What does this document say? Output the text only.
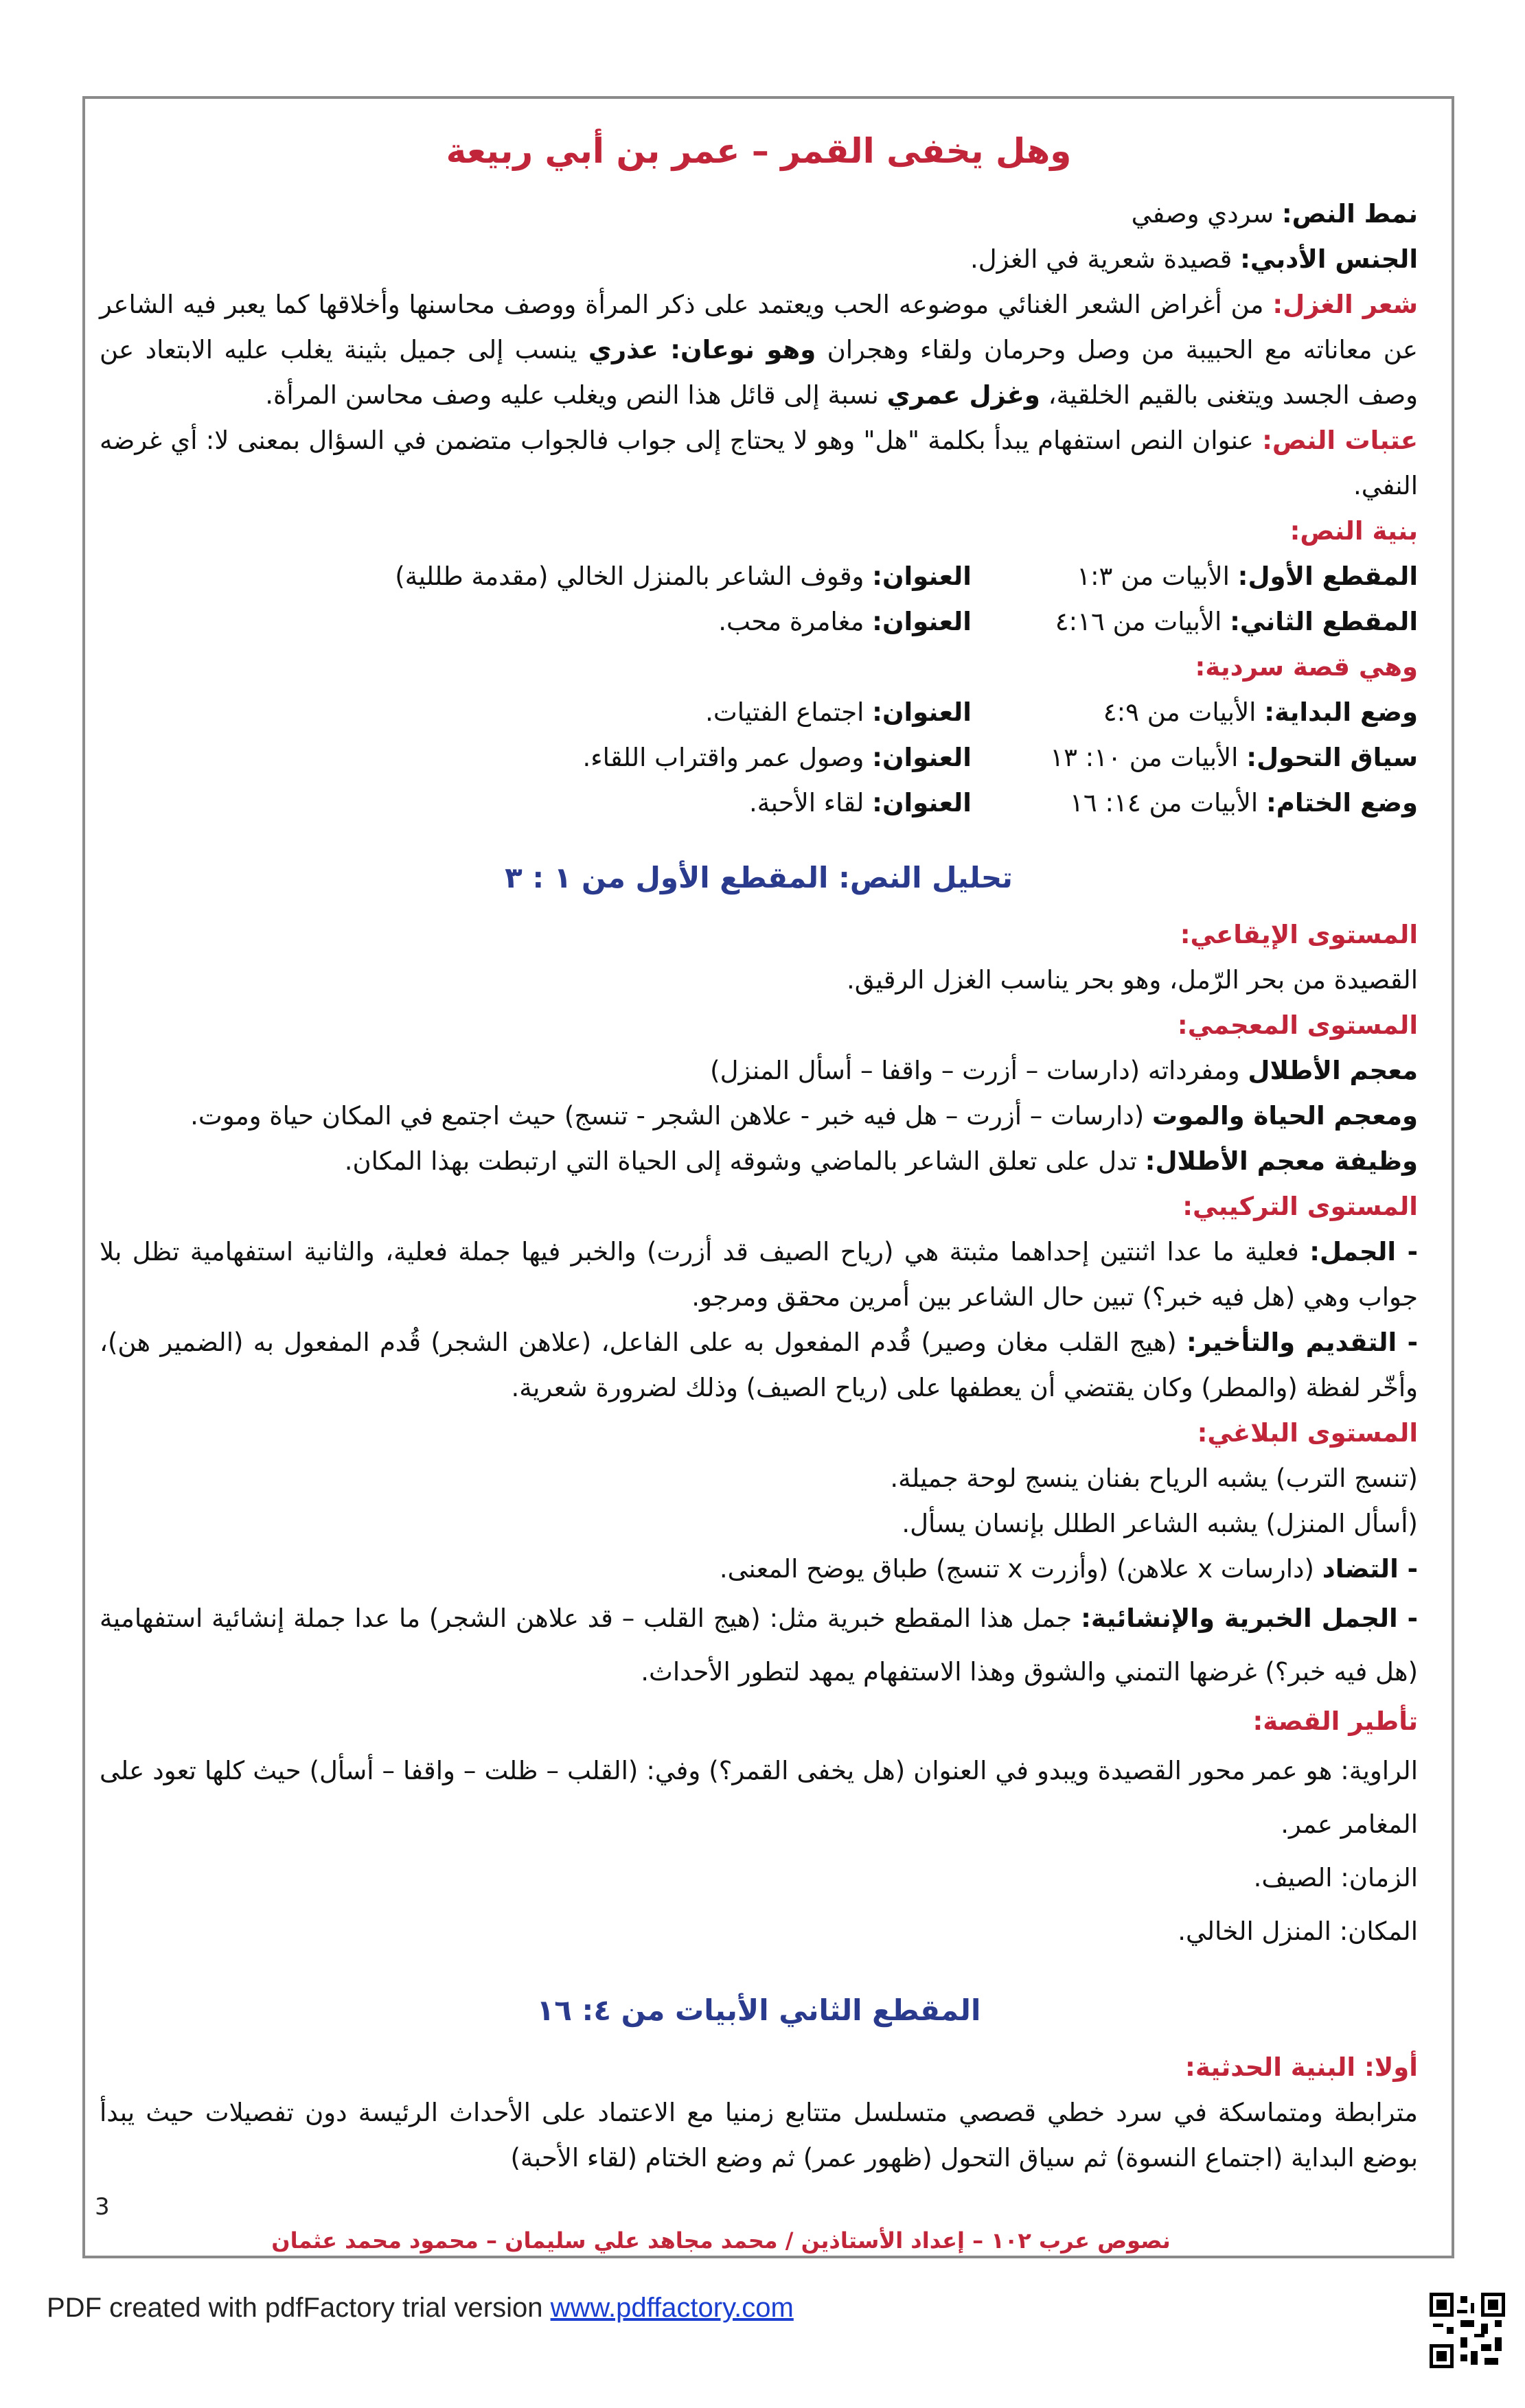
وهل يخفى القمر – عمر بن أبي ربيعة

نمط النص: سردي وصفي

الجنس الأدبي: قصيدة شعرية في الغزل.

شعر الغزل: من أغراض الشعر الغنائي موضوعه الحب ويعتمد على ذكر المرأة ووصف محاسنها وأخلاقها كما يعبر فيه الشاعر عن معاناته مع الحبيبة من وصل وحرمان ولقاء وهجران وهو نوعان: عذري ينسب إلى جميل بثينة يغلب عليه الابتعاد عن وصف الجسد ويتغنى بالقيم الخلقية، وغزل عمري نسبة إلى قائل هذا النص ويغلب عليه وصف محاسن المرأة.

عتبات النص: عنوان النص استفهام يبدأ بكلمة "هل" وهو لا يحتاج إلى جواب فالجواب متضمن في السؤال بمعنى لا: أي غرضه النفي.

بنية النص:

المقطع الأول: الأبيات من ١:٣
العنوان: وقوف الشاعر بالمنزل الخالي (مقدمة طللية)
المقطع الثاني: الأبيات من ٤:١٦
العنوان: مغامرة محب.

وهي قصة سردية:

وضع البداية: الأبيات من ٤:٩
العنوان: اجتماع الفتيات.
سياق التحول: الأبيات من ١٠: ١٣
العنوان: وصول عمر واقتراب اللقاء.
وضع الختام: الأبيات من ١٤: ١٦
العنوان: لقاء الأحبة.
تحليل النص: المقطع الأول من ١ : ٣

المستوى الإيقاعي:

القصيدة من بحر الرّمل، وهو بحر يناسب الغزل الرقيق.

المستوى المعجمي:

معجم الأطلال ومفرداته (دارسات – أزرت – واقفا – أسأل المنزل)

ومعجم الحياة والموت (دارسات – أزرت – هل فيه خبر - علاهن الشجر - تنسج) حيث اجتمع في المكان حياة وموت.

وظيفة معجم الأطلال: تدل على تعلق الشاعر بالماضي وشوقه إلى الحياة التي ارتبطت بهذا المكان.

المستوى التركيبي:

- الجمل: فعلية ما عدا اثنتين إحداهما مثبتة هي (رياح الصيف قد أزرت) والخبر فيها جملة فعلية، والثانية استفهامية تظل بلا جواب وهي (هل فيه خبر؟) تبين حال الشاعر بين أمرين محقق ومرجو.

- التقديم والتأخير: (هيج القلب مغان وصير) قُدم المفعول به على الفاعل، (علاهن الشجر) قُدم المفعول به (الضمير هن)، وأخّر لفظة (والمطر) وكان يقتضي أن يعطفها على (رياح الصيف) وذلك لضرورة شعرية.

المستوى البلاغي:

(تنسج الترب) يشبه الرياح بفنان ينسج لوحة جميلة.

(أسأل المنزل) يشبه الشاعر الطلل بإنسان يسأل.

- التضاد (دارسات x علاهن) (وأزرت x تنسج) طباق يوضح المعنى.

- الجمل الخبرية والإنشائية: جمل هذا المقطع خبرية مثل: (هيج القلب – قد علاهن الشجر) ما عدا جملة إنشائية استفهامية (هل فيه خبر؟) غرضها التمني والشوق وهذا الاستفهام يمهد لتطور الأحداث.

تأطير القصة:

الراوية: هو عمر محور القصيدة ويبدو في العنوان (هل يخفى القمر؟) وفي: (القلب – ظلت – واقفا – أسأل) حيث كلها تعود على المغامر عمر.

الزمان: الصيف.

المكان: المنزل الخالي.

المقطع الثاني الأبيات من ٤: ١٦

أولا: البنية الحدثية:

مترابطة ومتماسكة في سرد خطي قصصي متسلسل متتابع زمنيا مع الاعتماد على الأحداث الرئيسة دون تفصيلات حيث يبدأ بوضع البداية (اجتماع النسوة) ثم سياق التحول (ظهور عمر) ثم وضع الختام (لقاء الأحبة)

3
نصوص عرب ١٠٢ – إعداد الأستاذين / محمد مجاهد علي سليمان – محمود محمد عثمان
PDF created with pdfFactory trial version www.pdffactory.com
